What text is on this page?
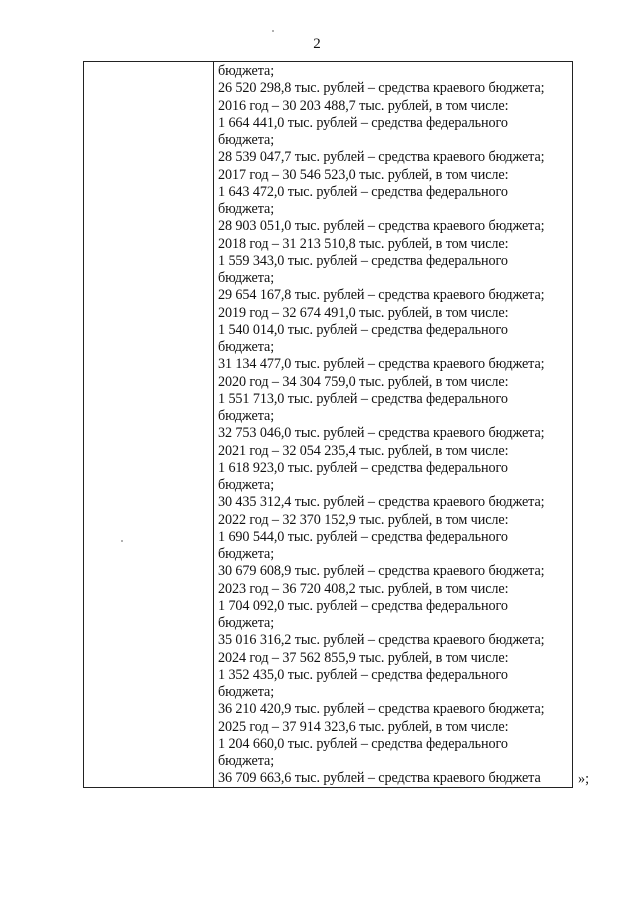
2
бюджета;
26 520 298,8 тыс. рублей – средства краевого бюджета;
2016 год – 30 203 488,7 тыс. рублей, в том числе:
1 664 441,0 тыс. рублей – средства федерального
бюджета;
28 539 047,7 тыс. рублей – средства краевого бюджета;
2017 год – 30 546 523,0 тыс. рублей, в том числе:
1 643 472,0 тыс. рублей – средства федерального
бюджета;
28 903 051,0 тыс. рублей – средства краевого бюджета;
2018 год – 31 213 510,8 тыс. рублей, в том числе:
1 559 343,0 тыс. рублей – средства федерального
бюджета;
29 654 167,8 тыс. рублей – средства краевого бюджета;
2019 год – 32 674 491,0 тыс. рублей, в том числе:
1 540 014,0 тыс. рублей – средства федерального
бюджета;
31 134 477,0 тыс. рублей – средства краевого бюджета;
2020 год – 34 304 759,0 тыс. рублей, в том числе:
1 551 713,0 тыс. рублей – средства федерального
бюджета;
32 753 046,0 тыс. рублей – средства краевого бюджета;
2021 год – 32 054 235,4 тыс. рублей, в том числе:
1 618 923,0 тыс. рублей – средства федерального
бюджета;
30 435 312,4 тыс. рублей – средства краевого бюджета;
2022 год – 32 370 152,9 тыс. рублей, в том числе:
1 690 544,0 тыс. рублей – средства федерального
бюджета;
30 679 608,9 тыс. рублей – средства краевого бюджета;
2023 год – 36 720 408,2 тыс. рублей, в том числе:
1 704 092,0 тыс. рублей – средства федерального
бюджета;
35 016 316,2 тыс. рублей – средства краевого бюджета;
2024 год – 37 562 855,9 тыс. рублей, в том числе:
1 352 435,0 тыс. рублей – средства федерального
бюджета;
36 210 420,9 тыс. рублей – средства краевого бюджета;
2025 год – 37 914 323,6 тыс. рублей, в том числе:
1 204 660,0 тыс. рублей – средства федерального
бюджета;
36 709 663,6 тыс. рублей – средства краевого бюджета	»;
